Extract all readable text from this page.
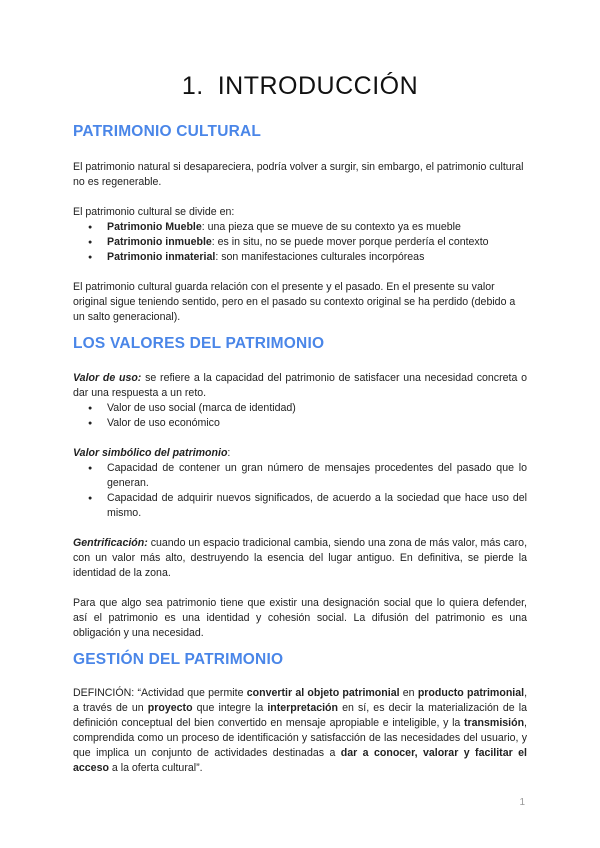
1. INTRODUCCIÓN
PATRIMONIO CULTURAL

El patrimonio natural si desapareciera, podría volver a surgir, sin embargo, el patrimonio cultural no es regenerable.

El patrimonio cultural se divide en:

● Patrimonio Mueble: una pieza que se mueve de su contexto ya es mueble
● Patrimonio inmueble: es in situ, no se puede mover porque perdería el contexto
● Patrimonio inmaterial: son manifestaciones culturales incorpóreas

El patrimonio cultural guarda relación con el presente y el pasado. En el presente su valor original sigue teniendo sentido, pero en el pasado su contexto original se ha perdido (debido a un salto generacional).

LOS VALORES DEL PATRIMONIO

Valor de uso: se refiere a la capacidad del patrimonio de satisfacer una necesidad concreta o dar una respuesta a un reto.

● Valor de uso social (marca de identidad)
● Valor de uso económico

Valor simbólico del patrimonio:

● Capacidad de contener un gran número de mensajes procedentes del pasado que lo generan.
● Capacidad de adquirir nuevos significados, de acuerdo a la sociedad que hace uso del mismo.

Gentrificación: cuando un espacio tradicional cambia, siendo una zona de más valor, más caro, con un valor más alto, destruyendo la esencia del lugar antiguo. En definitiva, se pierde la identidad de la zona.

Para que algo sea patrimonio tiene que existir una designación social que lo quiera defender, así el patrimonio es una identidad y cohesión social. La difusión del patrimonio es una obligación y una necesidad.

GESTIÓN DEL PATRIMONIO

DEFINCIÓN: “Actividad que permite convertir al objeto patrimonial en producto patrimonial, a través de un proyecto que integre la interpretación en sí, es decir la materialización de la definición conceptual del bien convertido en mensaje apropiable e inteligible, y la transmisión, comprendida como un proceso de identificación y satisfacción de las necesidades del usuario, y que implica un conjunto de actividades destinadas a dar a conocer, valorar y facilitar el acceso a la oferta cultural”.

1
